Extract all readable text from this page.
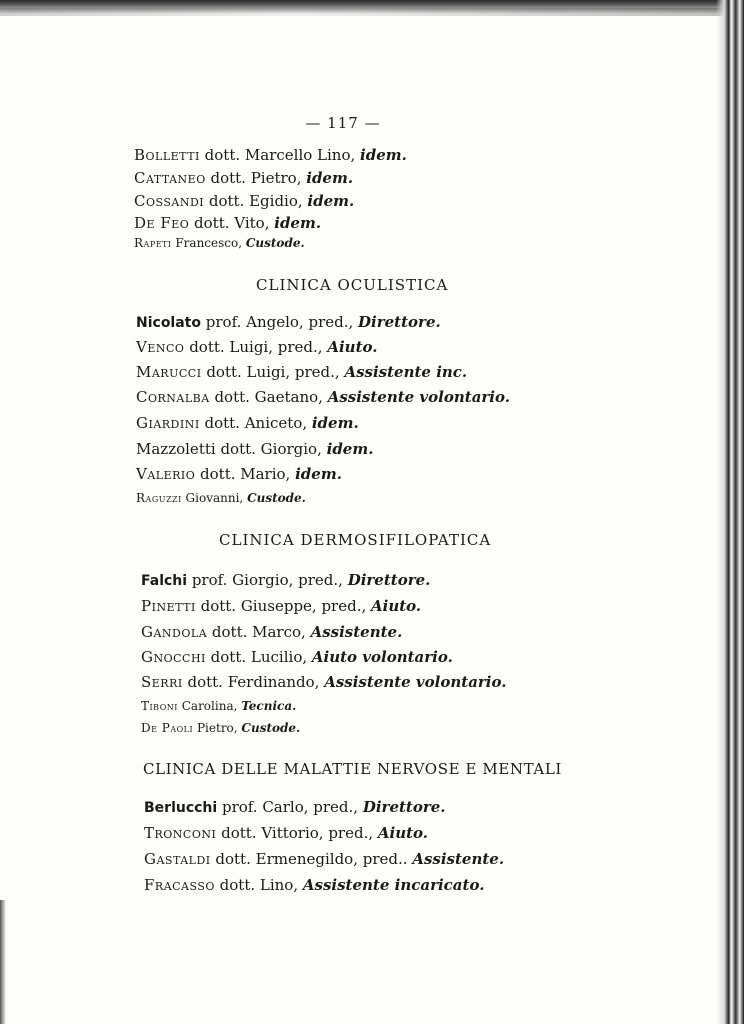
— 117 —
Bolletti dott. Marcello Lino, idem.
Cattaneo dott. Pietro, idem.
Cossandi dott. Egidio, idem.
De Feo dott. Vito, idem.
Rapeti Francesco, Custode.
CLINICA OCULISTICA
Nicolato prof. Angelo, pred., Direttore.
Venco dott. Luigi, pred., Aiuto.
Marucci dott. Luigi, pred., Assistente inc.
Cornalba dott. Gaetano, Assistente volontario.
Giardini dott. Aniceto, idem.
Mazzoletti dott. Giorgio, idem.
Valerio dott. Mario, idem.
Raguzzi Giovanni, Custode.
CLINICA DERMOSIFILOPATICA
Falchi prof. Giorgio, pred., Direttore.
Pinetti dott. Giuseppe, pred., Aiuto.
Gandola dott. Marco, Assistente.
Gnocchi dott. Lucilio, Aiuto volontario.
Serri dott. Ferdinando, Assistente volontario.
Tiboni Carolina, Tecnica.
De Paoli Pietro, Custode.
CLINICA DELLE MALATTIE NERVOSE E MENTALI
Berlucchi prof. Carlo, pred., Direttore.
Tronconi dott. Vittorio, pred., Aiuto.
Gastaldi dott. Ermenegildo, pred.. Assistente.
Fracasso dott. Lino, Assistente incaricato.
